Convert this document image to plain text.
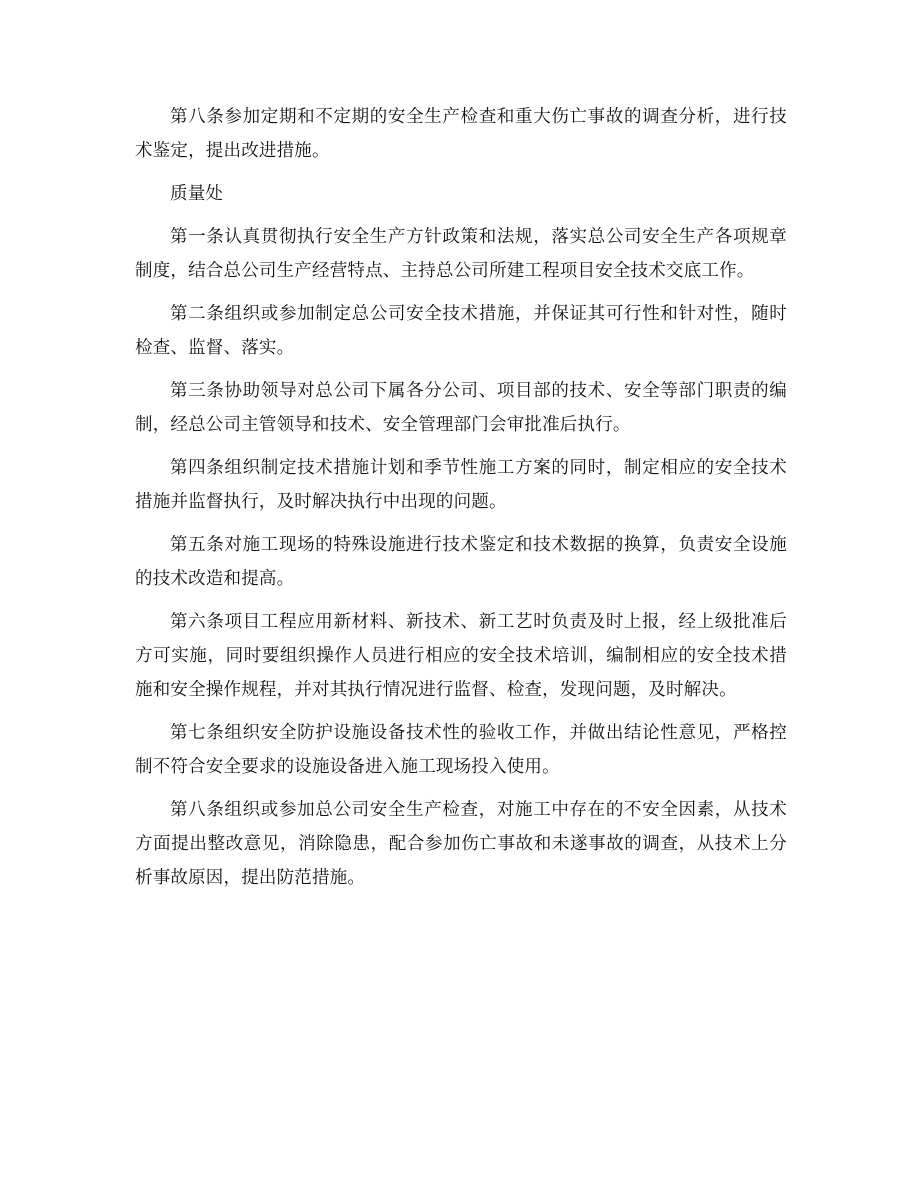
第八条参加定期和不定期的安全生产检查和重大伤亡事故的调查分析，进行技术鉴定，提出改进措施。

质量处

第一条认真贯彻执行安全生产方针政策和法规，落实总公司安全生产各项规章制度，结合总公司生产经营特点、主持总公司所建工程项目安全技术交底工作。

第二条组织或参加制定总公司安全技术措施，并保证其可行性和针对性，随时检查、监督、落实。

第三条协助领导对总公司下属各分公司、项目部的技术、安全等部门职责的编制，经总公司主管领导和技术、安全管理部门会审批准后执行。

第四条组织制定技术措施计划和季节性施工方案的同时，制定相应的安全技术措施并监督执行，及时解决执行中出现的问题。

第五条对施工现场的特殊设施进行技术鉴定和技术数据的换算，负责安全设施的技术改造和提高。

第六条项目工程应用新材料、新技术、新工艺时负责及时上报，经上级批准后方可实施，同时要组织操作人员进行相应的安全技术培训，编制相应的安全技术措施和安全操作规程，并对其执行情况进行监督、检查，发现问题，及时解决。

第七条组织安全防护设施设备技术性的验收工作，并做出结论性意见，严格控制不符合安全要求的设施设备进入施工现场投入使用。

第八条组织或参加总公司安全生产检查，对施工中存在的不安全因素，从技术方面提出整改意见，消除隐患，配合参加伤亡事故和未遂事故的调查，从技术上分析事故原因，提出防范措施。
